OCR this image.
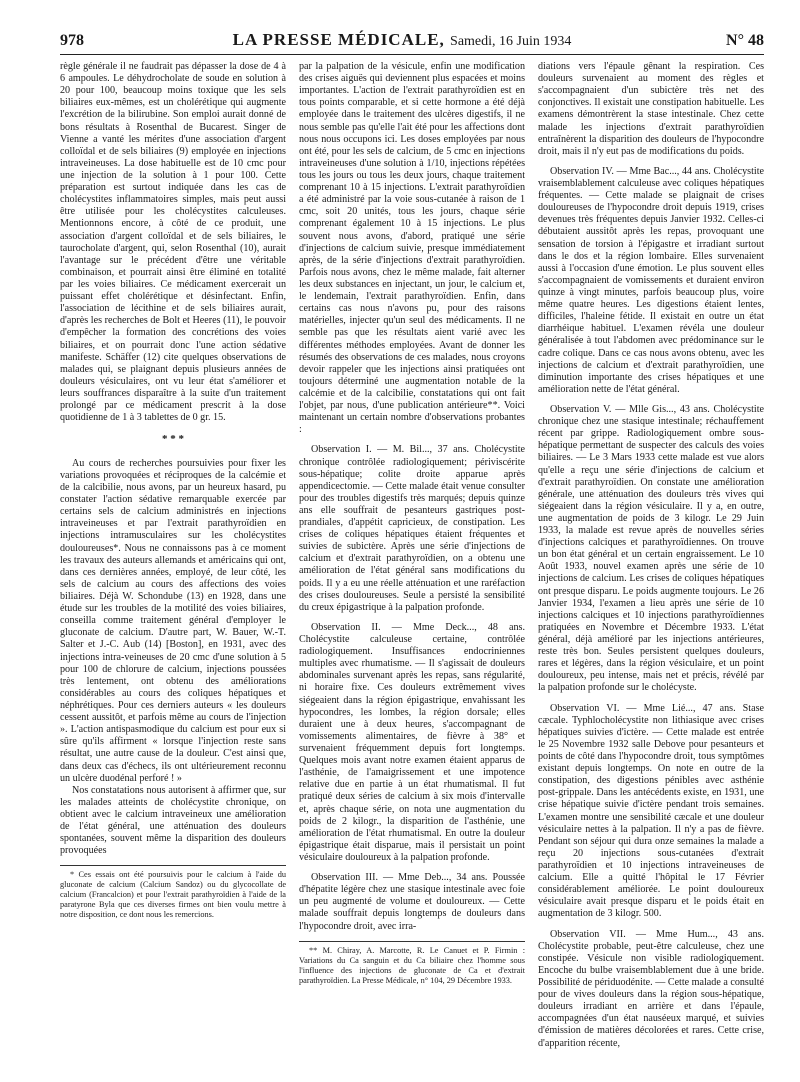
978	LA PRESSE MÉDICALE, Samedi, 16 Juin 1934	N° 48

règle générale il ne faudrait pas dépasser la dose de 4 à 6 ampoules. Le déhydrocholate de soude en solution à 20 pour 100, beaucoup moins toxique que les sels biliaires eux-mêmes, est un cholérétique qui augmente l'excrétion de la bilirubine. Son emploi aurait donné de bons résultats à Rosenthal de Bucarest. Singer de Vienne a vanté les mérites d'une association d'argent colloïdal et de sels biliaires (9) employée en injections intraveineuses. La dose habituelle est de 10 cmc pour une injection de la solution à 1 pour 100. Cette préparation est surtout indiquée dans les cas de cholécystites inflammatoires simples, mais peut aussi être utilisée pour les cholécystites calculeuses. Mentionnons encore, à côté de ce produit, une association d'argent colloïdal et de sels biliaires, le taurocholate d'argent, qui, selon Rosenthal (10), aurait l'avantage sur le précédent d'être une véritable combinaison, et pourrait ainsi être éliminé en totalité par les voies biliaires. Ce médicament exercerait un puissant effet cholérétique et désinfectant. Enfin, l'association de lécithine et de sels biliaires aurait, d'après les recherches de Bolt et Heeres (11), le pouvoir d'empêcher la formation des concrétions des voies biliaires, et on pourrait donc l'une action sédative manifeste. Schäffer (12) cite quelques observations de malades qui, se plaignant depuis plusieurs années de douleurs vésiculaires, ont vu leur état s'améliorer et leurs souffrances disparaître à la suite d'un traitement prolongé par ce médicament prescrit à la dose quotidienne de 1 à 3 tablettes de 0 gr. 15.

* * *

Au cours de recherches poursuivies pour fixer les variations provoquées et réciproques de la calcémie et de la calcibilie, nous avons, par un heureux hasard, pu constater l'action sédative remarquable exercée par certains sels de calcium administrés en injections intraveineuses et par l'extrait parathyroïdien en injections intramusculaires sur les cholécystites douloureuses*. Nous ne connaissons pas à ce moment les travaux des auteurs allemands et américains qui ont, dans ces dernières années, employé, de leur côté, les sels de calcium au cours des affections des voies biliaires. Déjà W. Schondube (13) en 1928, dans une étude sur les troubles de la motilité des voies biliaires, conseilla comme traitement général d'employer le gluconate de calcium. D'autre part, W. Bauer, W.-T. Salter et J.-C. Aub (14) [Boston], en 1931, avec des injections intra-veineuses de 20 cmc d'une solution à 5 pour 100 de chlorure de calcium, injections poussées très lentement, ont obtenu des améliorations considérables au cours des coliques hépatiques et néphrétiques. Pour ces derniers auteurs « les douleurs cessent aussitôt, et parfois même au cours de l'injection ». L'action antispasmodique du calcium est pour eux si sûre qu'ils affirment « lorsque l'injection reste sans résultat, une autre cause de la douleur. C'est ainsi que, dans deux cas d'échecs, ils ont ultérieurement reconnu un ulcère duodénal perforé ! »

Nos constatations nous autorisent à affirmer que, sur les malades atteints de cholécystite chronique, on obtient avec le calcium intraveineux une amélioration de l'état général, une atténuation des douleurs spontanées, souvent même la disparition des douleurs provoquées

* Ces essais ont été poursuivis pour le calcium à l'aide du gluconate de calcium (Calcium Sandoz) ou du glycocollate de calcium (Francalcion) et pour l'extrait parathyroïdien à l'aide de la paratyrone Byla que ces diverses firmes ont bien voulu mettre à notre disposition, ce dont nous les remercions.

par la palpation de la vésicule, enfin une modification des crises aiguës qui deviennent plus espacées et moins importantes. L'action de l'extrait parathyroïdien est en tous points comparable, et si cette hormone a été déjà employée dans le traitement des ulcères digestifs, il ne nous semble pas qu'elle l'ait été pour les affections dont nous nous occupons ici. Les doses employées par nous ont été, pour les sels de calcium, de 5 cmc en injections intraveineuses d'une solution à 1/10, injections répétées tous les jours ou tous les deux jours, chaque traitement comprenant 10 à 15 injections. L'extrait parathyroïdien a été administré par la voie sous-cutanée à raison de 1 cmc, soit 20 unités, tous les jours, chaque série comprenant également 10 à 15 injections. Le plus souvent nous avons, d'abord, pratiqué une série d'injections de calcium suivie, presque immédiatement après, de la série d'injections d'extrait parathyroïdien. Parfois nous avons, chez le même malade, fait alterner les deux substances en injectant, un jour, le calcium et, le lendemain, l'extrait parathyroïdien. Enfin, dans certains cas nous n'avons pu, pour des raisons matérielles, injecter qu'un seul des médicaments. Il ne semble pas que les résultats aient varié avec les différentes méthodes employées. Avant de donner les résumés des observations de ces malades, nous croyons devoir rappeler que les injections ainsi pratiquées ont toujours déterminé une augmentation notable de la calcémie et de la calcibilie, constatations qui ont fait l'objet, par nous, d'une publication antérieure**. Voici maintenant un certain nombre d'observations probantes :

Observation I. — M. Bil..., 37 ans. Cholécystite chronique contrôlée radiologiquement; périviscérite sous-hépatique; colite droite apparue après appendicectomie. — Cette malade était venue consulter pour des troubles digestifs très marqués; depuis quinze ans elle souffrait de pesanteurs gastriques post-prandiales, d'appétit capricieux, de constipation. Les crises de coliques hépatiques étaient fréquentes et suivies de subictère. Après une série d'injections de calcium et d'extrait parathyroïdien, on a obtenu une amélioration de l'état général sans modifications du poids. Il y a eu une réelle atténuation et une raréfaction des crises douloureuses. Seule a persisté la sensibilité du creux épigastrique à la palpation profonde.

Observation II. — Mme Deck..., 48 ans. Cholécystite calculeuse certaine, contrôlée radiologiquement. Insuffisances endocriniennes multiples avec rhumatisme. — Il s'agissait de douleurs abdominales survenant après les repas, sans régularité, ni horaire fixe. Ces douleurs extrêmement vives siégeaient dans la région épigastrique, envahissant les hypocondres, les lombes, la région dorsale; elles duraient une à deux heures, s'accompagnant de vomissements alimentaires, de fièvre à 38° et survenaient fréquemment depuis fort longtemps. Quelques mois avant notre examen étaient apparus de l'asthénie, de l'amaigrissement et une impotence relative due en partie à un état rhumatismal. Il fut pratiqué deux séries de calcium à six mois d'intervalle et, après chaque série, on nota une augmentation du poids de 2 kilogr., la disparition de l'asthénie, une amélioration de l'état rhumatismal. En outre la douleur épigastrique était disparue, mais il persistait un point vésiculaire douloureux à la palpation profonde.

Observation III. — Mme Deb..., 34 ans. Poussée d'hépatite légère chez une stasique intestinale avec foie un peu augmenté de volume et douloureux. — Cette malade souffrait depuis longtemps de douleurs dans l'hypocondre droit, avec irra-

** M. Chiray, A. Marcotte, R. Le Canuet et P. Firmin : Variations du Ca sanguin et du Ca biliaire chez l'homme sous l'influence des injections de gluconate de Ca et d'extrait parathyroïdien. La Presse Médicale, n° 104, 29 Décembre 1933.

diations vers l'épaule gênant la respiration. Ces douleurs survenaient au moment des règles et s'accompagnaient d'un subictère très net des conjonctives. Il existait une constipation habituelle. Les examens démontrèrent la stase intestinale. Chez cette malade les injections d'extrait parathyroïdien entraînèrent la disparition des douleurs de l'hypocondre droit, mais il n'y eut pas de modifications du poids.

Observation IV. — Mme Bac..., 44 ans. Cholécystite vraisemblablement calculeuse avec coliques hépatiques fréquentes. — Cette malade se plaignait de crises douloureuses de l'hypocondre droit depuis 1919, crises devenues très fréquentes depuis Janvier 1932. Celles-ci débutaient aussitôt après les repas, provoquant une sensation de torsion à l'épigastre et irradiant surtout dans le dos et la région lombaire. Elles survenaient aussi à l'occasion d'une émotion. Le plus souvent elles s'accompagnaient de vomissements et duraient environ quinze à vingt minutes, parfois beaucoup plus, voire même quatre heures. Les digestions étaient lentes, difficiles, l'haleine fétide. Il existait en outre un état diarrhéique habituel. L'examen révéla une douleur généralisée à tout l'abdomen avec prédominance sur le cadre colique. Dans ce cas nous avons obtenu, avec les injections de calcium et d'extrait parathyroïdien, une diminution importante des crises hépatiques et une amélioration nette de l'état général.

Observation V. — Mlle Gis..., 43 ans. Cholécystite chronique chez une stasique intestinale; réchauffement récent par grippe. Radiologiquement ombre sous-hépatique permettant de suspecter des calculs des voies biliaires. — Le 3 Mars 1933 cette malade est vue alors qu'elle a reçu une série d'injections de calcium et d'extrait parathyroïdien. On constate une amélioration générale, une atténuation des douleurs très vives qui siégeaient dans la région vésiculaire. Il y a, en outre, une augmentation de poids de 3 kilogr. Le 29 Juin 1933, la malade est revue après de nouvelles séries d'injections calciques et parathyroïdiennes. On trouve un bon état général et un certain engraissement. Le 10 Août 1933, nouvel examen après une série de 10 injections de calcium. Les crises de coliques hépatiques ont presque disparu. Le poids augmente toujours. Le 26 Janvier 1934, l'examen a lieu après une série de 10 injections calciques et 10 injections parathyroïdiennes pratiquées en Novembre et Décembre 1933. L'état général, déjà amélioré par les injections antérieures, reste très bon. Seules persistent quelques douleurs, rares et légères, dans la région vésiculaire, et un point douloureux, peu intense, mais net et précis, révélé par la palpation profonde sur le cholécyste.

Observation VI. — Mme Lié..., 47 ans. Stase cæcale. Typhlocholécystite non lithiasique avec crises hépatiques suivies d'ictère. — Cette malade est entrée le 25 Novembre 1932 salle Debove pour pesanteurs et points de côté dans l'hypocondre droit, tous symptômes existant depuis longtemps. On note en outre de la constipation, des digestions pénibles avec asthénie post-grippale. Dans les antécédents existe, en 1931, une crise hépatique suivie d'ictère pendant trois semaines. L'examen montre une sensibilité cæcale et une douleur vésiculaire nettes à la palpation. Il n'y a pas de fièvre. Pendant son séjour qui dura onze semaines la malade a reçu 20 injections sous-cutanées d'extrait parathyroïdien et 10 injections intraveineuses de calcium. Elle a quitté l'hôpital le 17 Février considérablement améliorée. Le point douloureux vésiculaire avait presque disparu et le poids était en augmentation de 3 kilogr. 500.

Observation VII. — Mme Hum..., 43 ans. Cholécystite probable, peut-être calculeuse, chez une constipée. Vésicule non visible radiologiquement. Encoche du bulbe vraisemblablement due à une bride. Possibilité de périduodénite. — Cette malade a consulté pour de vives douleurs dans la région sous-hépatique, douleurs irradiant en arrière et dans l'épaule, accompagnées d'un état nauséeux marqué, et suivies d'émission de matières décolorées et rares. Cette crise, d'apparition récente,
